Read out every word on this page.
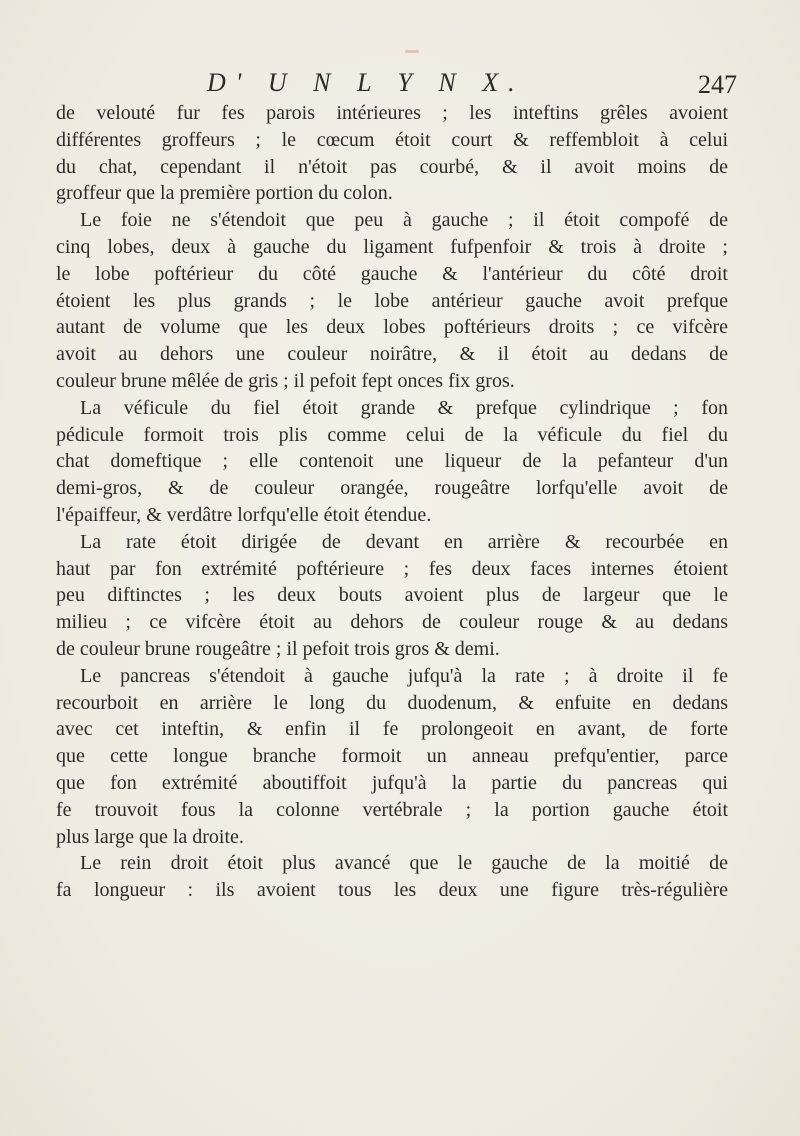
D' U N L Y N X.	247
de velouté fur fes parois intérieures ; les inteftins grêles avoient
différentes groffeurs ; le cœcum étoit court & reffembloit à celui
du chat, cependant il n'étoit pas courbé, & il avoit moins de
groffeur que la première portion du colon.
Le foie ne s'étendoit que peu à gauche ; il étoit compofé de
cinq lobes, deux à gauche du ligament fufpenfoir & trois à droite ;
le lobe poftérieur du côté gauche & l'antérieur du côté droit
étoient les plus grands ; le lobe antérieur gauche avoit prefque
autant de volume que les deux lobes poftérieurs droits ; ce vifcère
avoit au dehors une couleur noirâtre, & il étoit au dedans de
couleur brune mêlée de gris ; il pefoit fept onces fix gros.
La véficule du fiel étoit grande & prefque cylindrique ; fon
pédicule formoit trois plis comme celui de la véficule du fiel du
chat domeftique ; elle contenoit une liqueur de la pefanteur d'un
demi-gros, & de couleur orangée, rougeâtre lorfqu'elle avoit de
l'épaiffeur, & verdâtre lorfqu'elle étoit étendue.
La rate étoit dirigée de devant en arrière & recourbée en
haut par fon extrémité poftérieure ; fes deux faces internes étoient
peu diftinctes ; les deux bouts avoient plus de largeur que le
milieu ; ce vifcère étoit au dehors de couleur rouge & au dedans
de couleur brune rougeâtre ; il pefoit trois gros & demi.
Le pancreas s'étendoit à gauche jufqu'à la rate ; à droite il fe
recourboit en arrière le long du duodenum, & enfuite en dedans
avec cet inteftin, & enfin il fe prolongeoit en avant, de forte
que cette longue branche formoit un anneau prefqu'entier, parce
que fon extrémité aboutiffoit jufqu'à la partie du pancreas qui
fe trouvoit fous la colonne vertébrale ; la portion gauche étoit
plus large que la droite.
Le rein droit étoit plus avancé que le gauche de la moitié de
fa longueur : ils avoient tous les deux une figure très-régulière
